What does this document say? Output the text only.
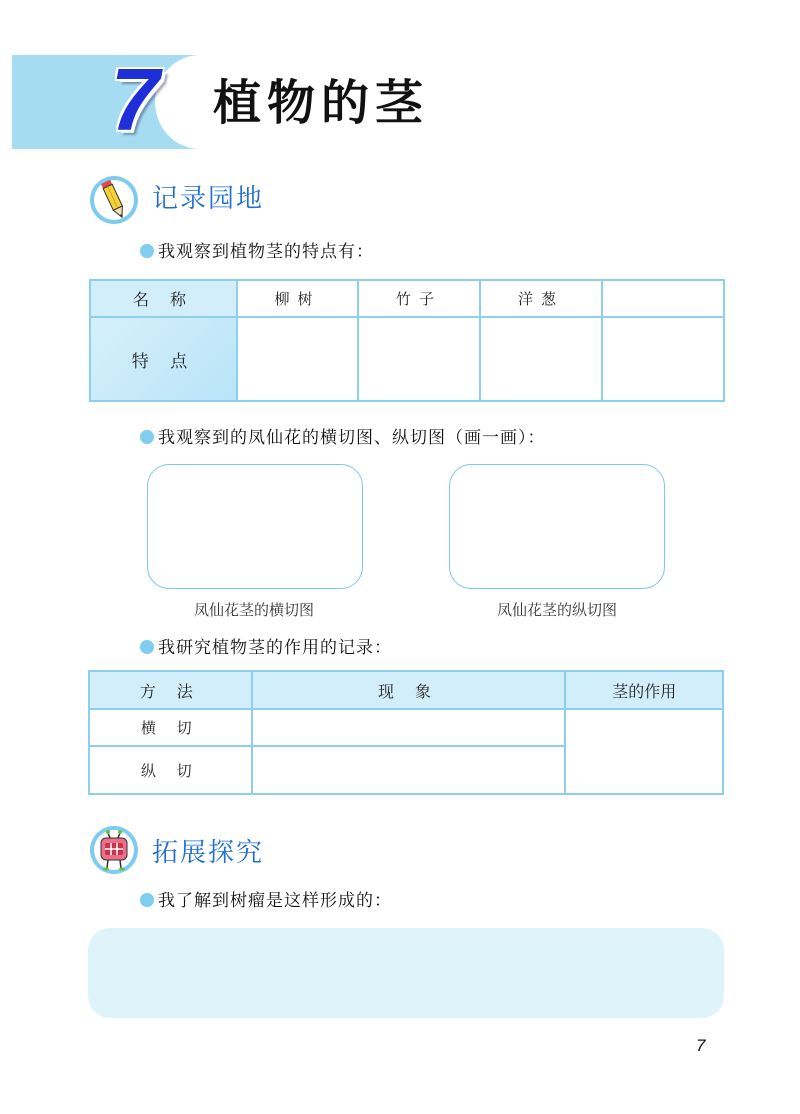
7 植物的茎
记录园地
我观察到植物茎的特点有：
名 称	柳树	竹子	洋葱	
特 点				
我观察到的凤仙花的横切图、纵切图（画一画）：
凤仙花茎的横切图	凤仙花茎的纵切图
我研究植物茎的作用的记录：
方 法	现 象	茎的作用
横 切		
纵 切		
拓展探究
我了解到树瘤是这样形成的：
7
